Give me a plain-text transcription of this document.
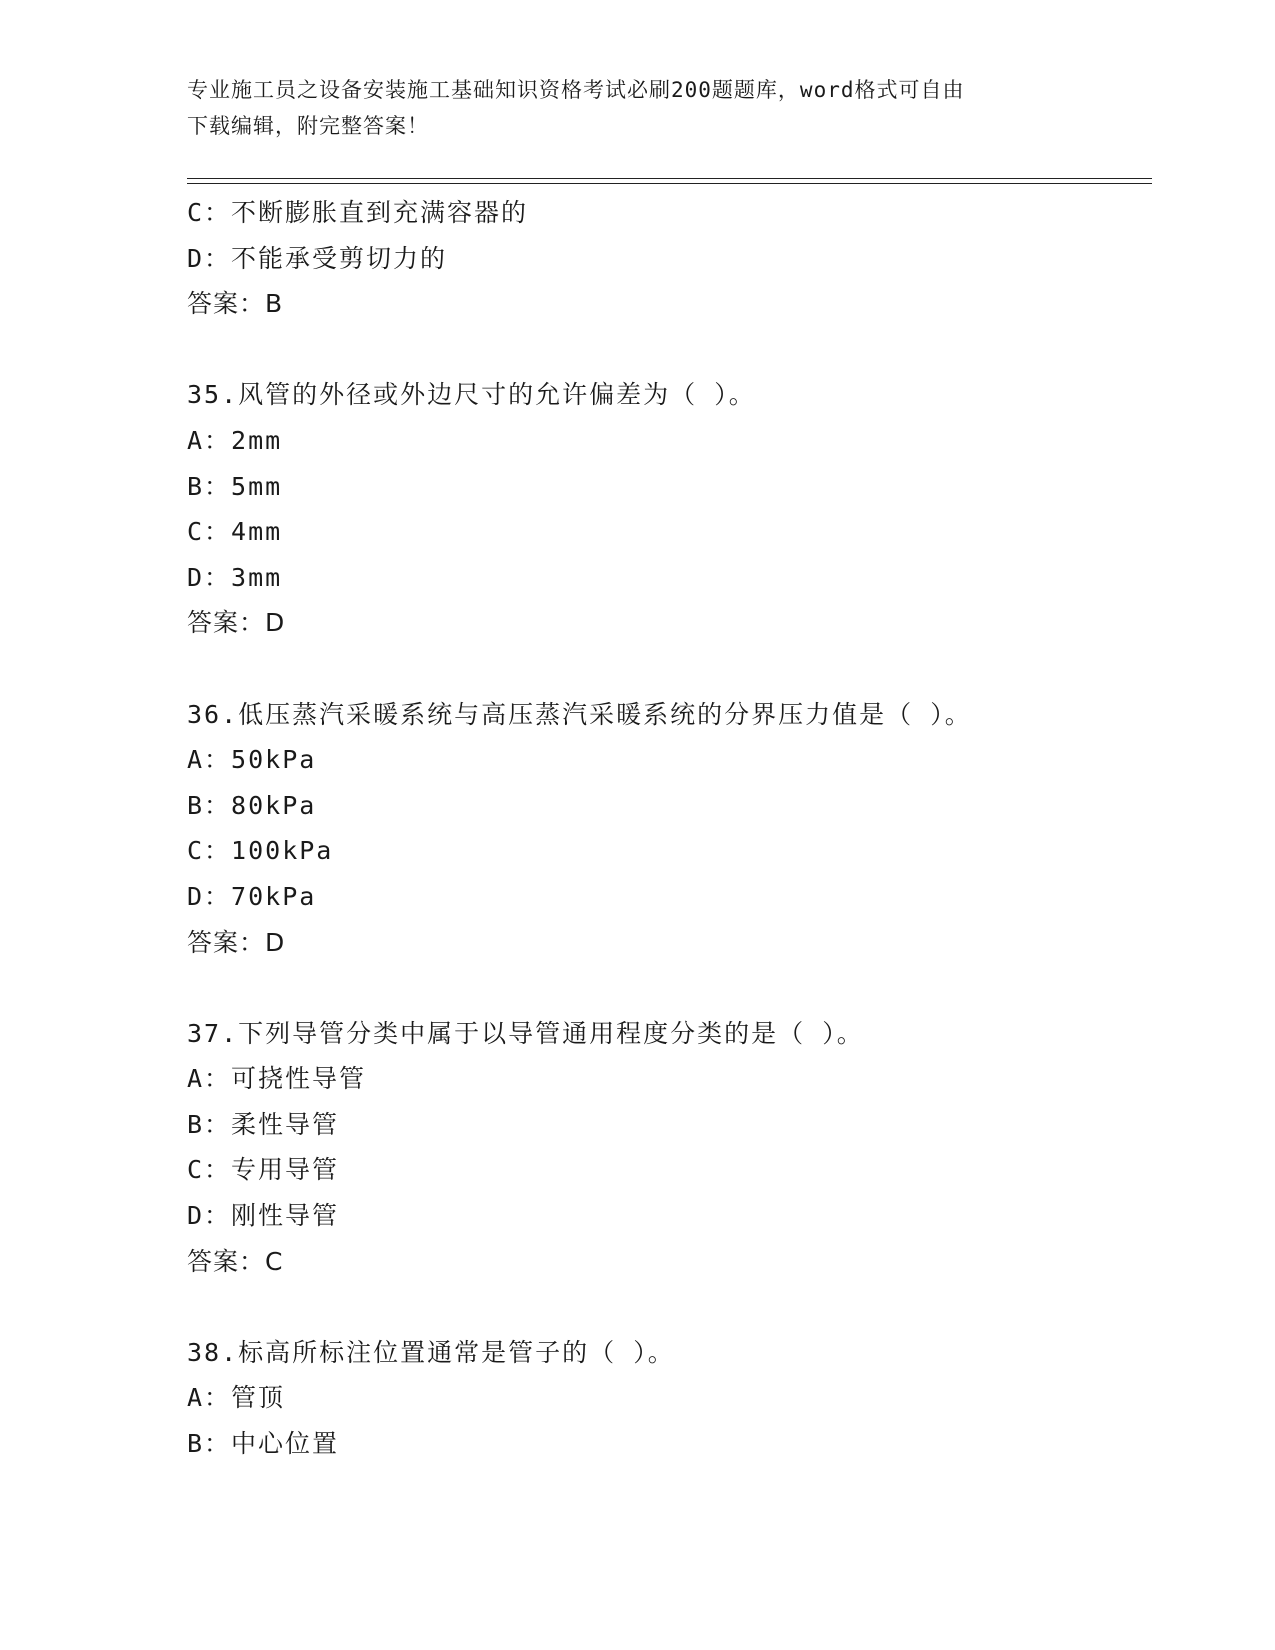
专业施工员之设备安装施工基础知识资格考试必刷200题题库，word格式可自由
下载编辑，附完整答案！
C：不断膨胀直到充满容器的
D：不能承受剪切力的
答案：B
35.风管的外径或外边尺寸的允许偏差为（ ）。
A：2mm
B：5mm
C：4mm
D：3mm
答案：D
36.低压蒸汽采暖系统与高压蒸汽采暖系统的分界压力值是（ ）。
A：50kPa
B：80kPa
C：100kPa
D：70kPa
答案：D
37.下列导管分类中属于以导管通用程度分类的是（ ）。
A：可挠性导管
B：柔性导管
C：专用导管
D：刚性导管
答案：C
38.标高所标注位置通常是管子的（ ）。
A：管顶
B：中心位置
